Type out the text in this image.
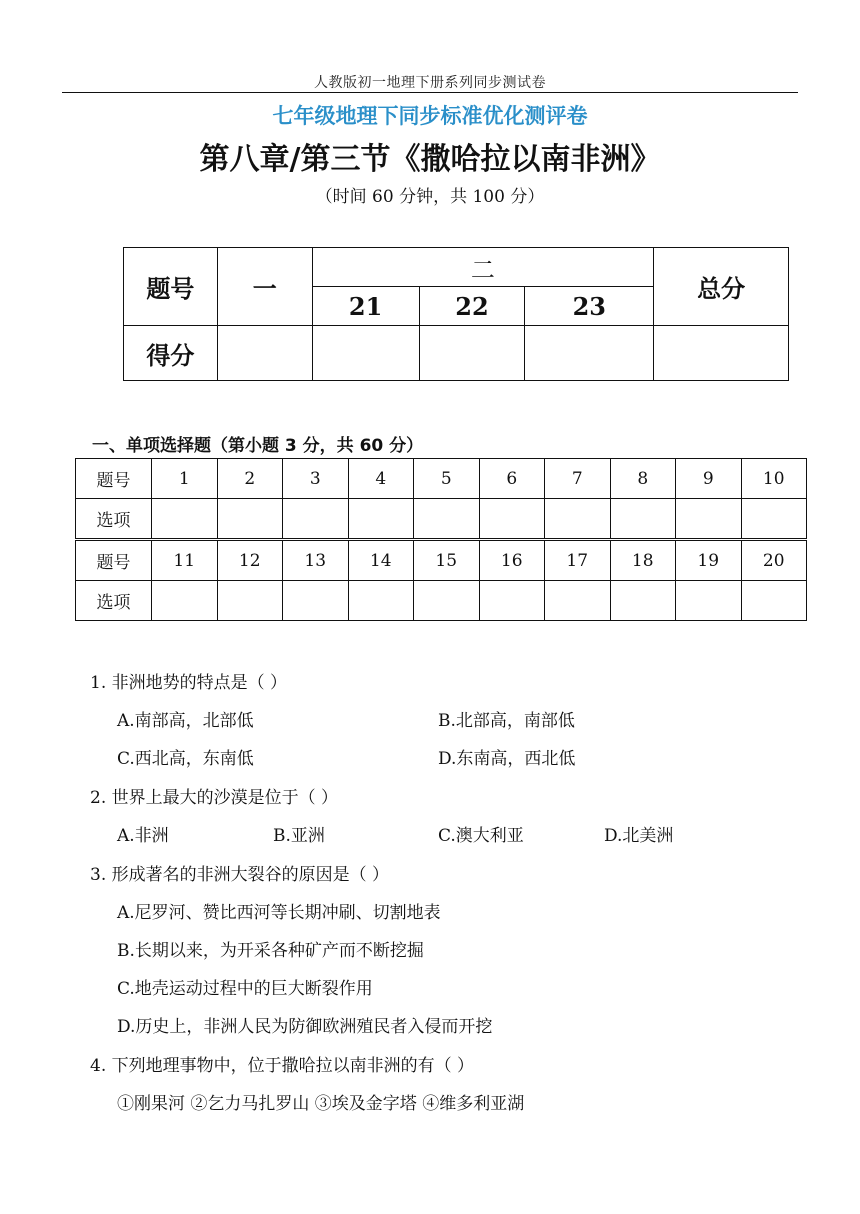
人教版初一地理下册系列同步测试卷
七年级地理下同步标准优化测评卷
第八章/第三节《撒哈拉以南非洲》
（时间 60 分钟，共 100 分）
题号	一	二			总分
		21	22	23	
得分					
一、单项选择题（第小题 3 分，共 60 分）
题号	1	2	3	4	5	6	7	8	9	10
选项										
题号	11	12	13	14	15	16	17	18	19	20
选项										
1. 非洲地势的特点是（ ）
A.南部高，北部低	B.北部高，南部低
C.西北高，东南低	D.东南高，西北低
2. 世界上最大的沙漠是位于（ ）
A.非洲	B.亚洲	C.澳大利亚	D.北美洲
3. 形成著名的非洲大裂谷的原因是（ ）
A.尼罗河、赞比西河等长期冲刷、切割地表
B.长期以来，为开采各种矿产而不断挖掘
C.地壳运动过程中的巨大断裂作用
D.历史上，非洲人民为防御欧洲殖民者入侵而开挖
4. 下列地理事物中，位于撒哈拉以南非洲的有（ ）
①刚果河 ②乞力马扎罗山 ③埃及金字塔 ④维多利亚湖
